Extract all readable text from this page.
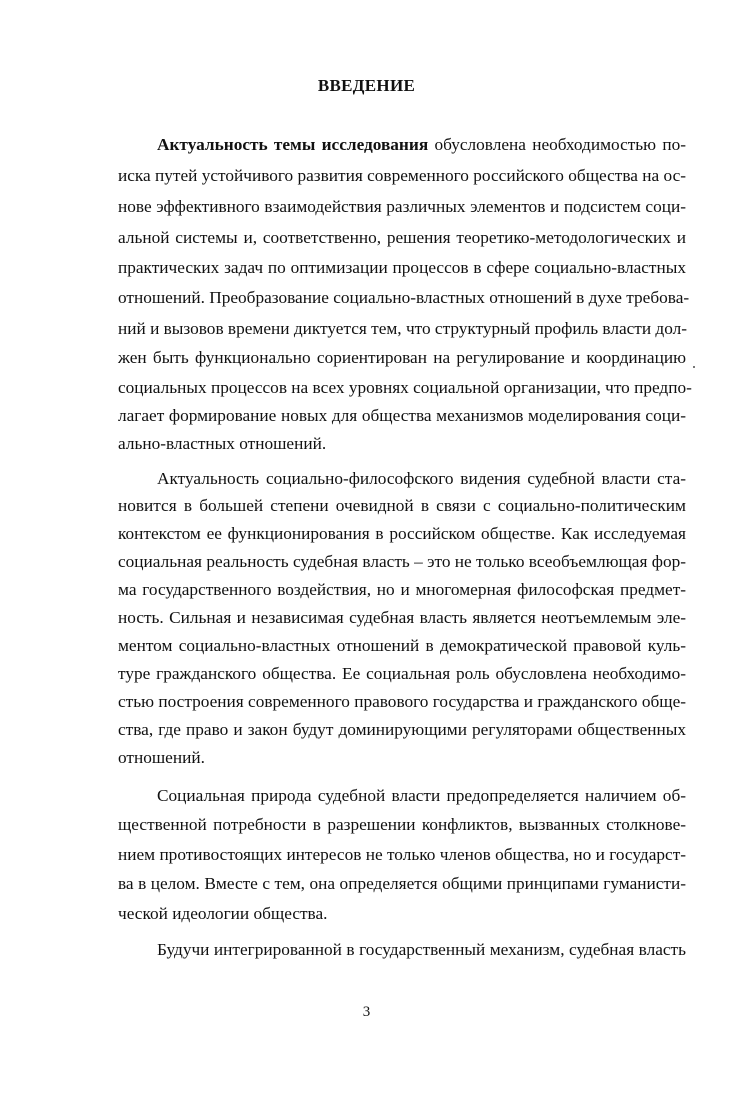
ВВЕДЕНИЕ
Актуальность темы исследования обусловлена необходимостью по-
иска путей устойчивого развития современного российского общества на ос-
нове эффективного взаимодействия различных элементов и подсистем соци-
альной системы и, соответственно, решения теоретико-методологических и
практических задач по оптимизации процессов в сфере социально-властных
отношений. Преобразование социально-властных отношений в духе требова-
ний и вызовов времени диктуется тем, что структурный профиль власти дол-
жен быть функционально сориентирован на регулирование и координацию
социальных процессов на всех уровнях социальной организации, что предпо-
лагает формирование новых для общества механизмов моделирования соци-
ально-властных отношений.
Актуальность социально-философского видения судебной власти ста-
новится в большей степени очевидной в связи с социально-политическим
контекстом ее функционирования в российском обществе. Как исследуемая
социальная реальность судебная власть – это не только всеобъемлющая фор-
ма государственного воздействия, но и многомерная философская предмет-
ность. Сильная и независимая судебная власть является неотъемлемым эле-
ментом социально-властных отношений в демократической правовой куль-
туре гражданского общества. Ее социальная роль обусловлена необходимо-
стью построения современного правового государства и гражданского обще-
ства, где право и закон будут доминирующими регуляторами общественных
отношений.
Социальная природа судебной власти предопределяется наличием об-
щественной потребности в разрешении конфликтов, вызванных столкнове-
нием противостоящих интересов не только членов общества, но и государст-
ва в целом. Вместе с тем, она определяется общими принципами гуманисти-
ческой идеологии общества.
Будучи интегрированной в государственный механизм, судебная власть
3
